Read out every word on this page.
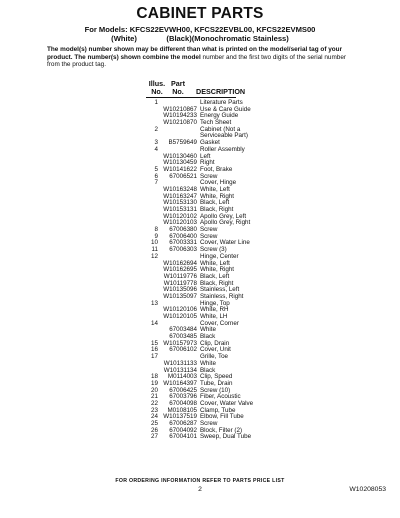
CABINET PARTS
For Models: KFCS22EVWH00, KFCS22EVBL00, KFCS22EVMS00
(White)              (Black)(Monochromatic Stainless)
The model(s) number shown may be different than what is printed on the model/serial tag of your product. The number(s) shown combine the model number and the first two digits of the serial number from the product tag.
Illus.
No.
Part
No.	DESCRIPTION
1	Literature Parts
W10210867 Use & Care Guide
W10194233 Energy Guide
W10210870 Tech Sheet
2	Cabinet (Not a
Serviceable Part)
3	B5759649 Gasket
4	Roller Assembly
W10130460 Left
W10130459 Right
5 W10141622 Foot, Brake
6	67006521 Screw
7	Cover, Hinge
W10163248 White, Left
W10163247 White, Right
W10153130 Black, Left
W10153131 Black, Right
W10120102 Apollo Grey, Left
W10120103 Apollo Grey, Right
8	67006380 Screw
9	67006400 Screw
10	67003331 Cover, Water Line
11	67006303 Screw (3)
12	Hinge, Center
W10162694 White, Left
W10162695 White, Right
W10119776 Black, Left
W10119778 Black, Right
W10135096 Stainless, Left
W10135097 Stainless, Right
13	Hinge, Top
W10120106 White, RH
W10120105 White, LH
14	Cover, Corner
67003484 White
67003485 Black
15 W10157973 Clip, Drain
16	67006102 Cover, Unit
17	Grille, Toe
W10131133 White
W10131134 Black
18	M0114003 Clip, Speed
19 W10164397 Tube, Drain
20	67006425 Screw (10)
21	67003796 Fiber, Acoustic
22	67004098 Cover, Water Valve
23	M0108105 Clamp, Tube
24 W10137519 Elbow, Fill Tube
25	67006287 Screw
26	67004092 Block, Filter (2)
27	67004101 Sweep, Dual Tube
FOR ORDERING INFORMATION REFER TO PARTS PRICE LIST
2	W10208053
